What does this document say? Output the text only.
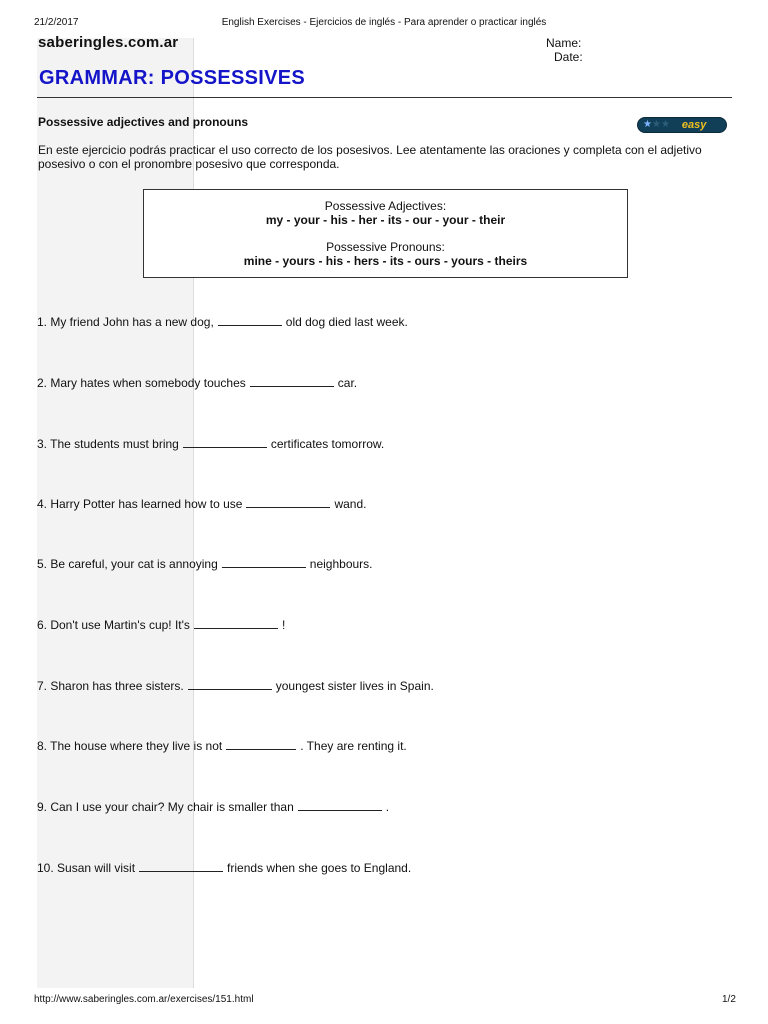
21/2/2017	English Exercises - Ejercicios de inglés - Para aprender o practicar inglés
saberingles.com.ar	Name:
Date:
GRAMMAR: POSSESSIVES
Possessive adjectives and pronouns	★ ★ ★ easy

En este ejercicio podrás practicar el uso correcto de los posesivos. Lee atentamente las oraciones y completa con el adjetivo posesivo o con el pronombre posesivo que corresponda.

Possessive Adjectives:
my - your - his - her - its - our - your - their
Possessive Pronouns:
mine - yours - his - hers - its - ours - yours - theirs
1. My friend John has a new dog,	old dog died last week.
2. Mary hates when somebody touches	car.
3. The students must bring	certificates tomorrow.
4. Harry Potter has learned how to use	wand.
5. Be careful, your cat is annoying	neighbours.
6. Don't use Martin's cup! It's	!
7. Sharon has three sisters.	youngest sister lives in Spain.
8. The house where they live is not	. They are renting it.
9. Can I use your chair? My chair is smaller than	.
10. Susan will visit	friends when she goes to England.
http://www.saberingles.com.ar/exercises/151.html	1/2
